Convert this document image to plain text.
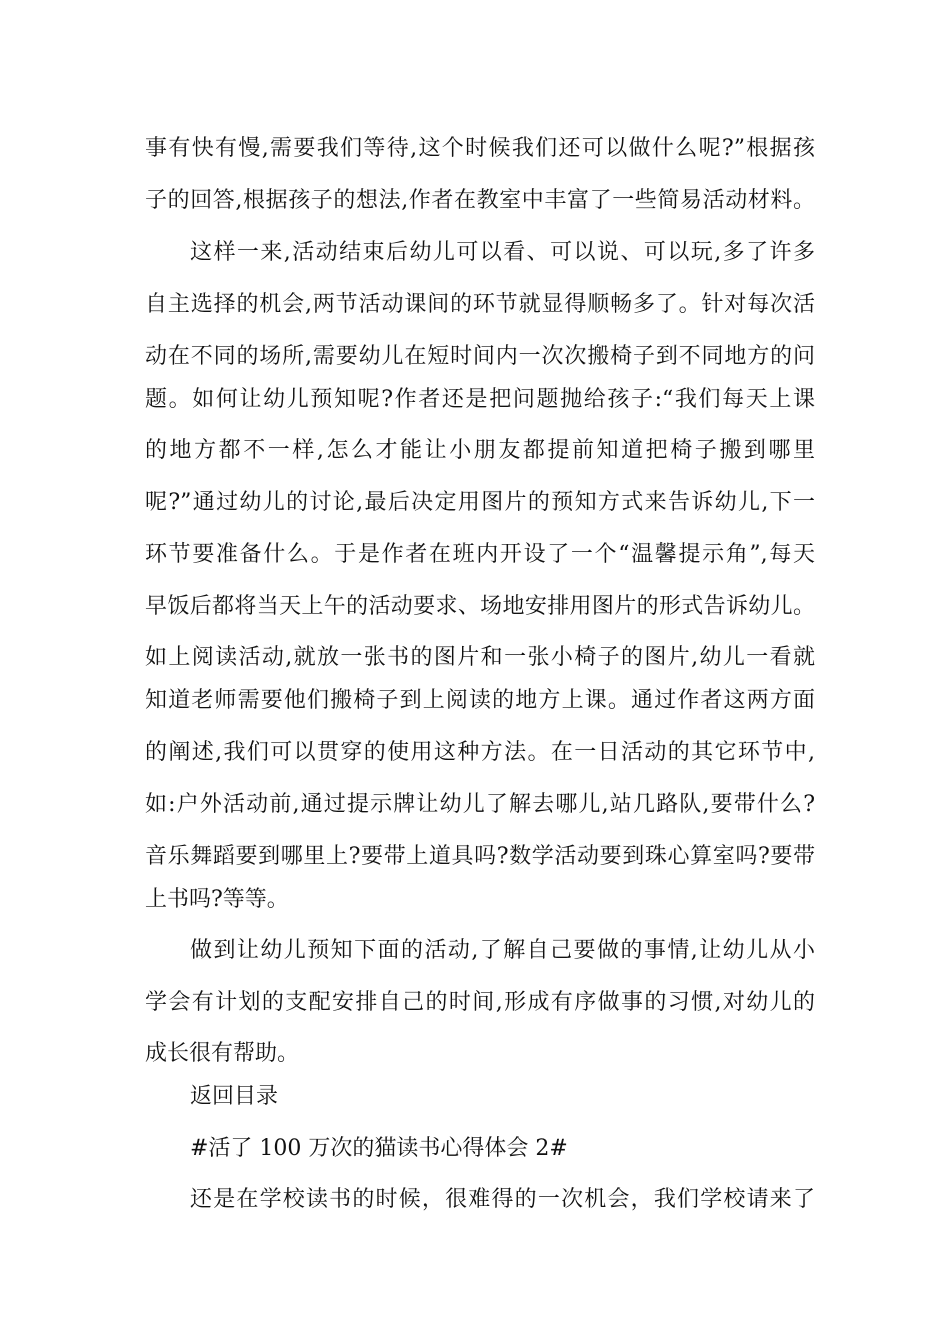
事有快有慢,需要我们等待,这个时候我们还可以做什么呢?”根据孩
子的回答,根据孩子的想法,作者在教室中丰富了一些简易活动材料。
这样一来,活动结束后幼儿可以看、可以说、可以玩,多了许多
自主选择的机会,两节活动课间的环节就显得顺畅多了。针对每次活
动在不同的场所,需要幼儿在短时间内一次次搬椅子到不同地方的问
题。如何让幼儿预知呢?作者还是把问题抛给孩子:“我们每天上课
的地方都不一样,怎么才能让小朋友都提前知道把椅子搬到哪里
呢?”通过幼儿的讨论,最后决定用图片的预知方式来告诉幼儿,下一
环节要准备什么。于是作者在班内开设了一个“温馨提示角”,每天
早饭后都将当天上午的活动要求、场地安排用图片的形式告诉幼儿。
如上阅读活动,就放一张书的图片和一张小椅子的图片,幼儿一看就
知道老师需要他们搬椅子到上阅读的地方上课。通过作者这两方面
的阐述,我们可以贯穿的使用这种方法。在一日活动的其它环节中,
如:户外活动前,通过提示牌让幼儿了解去哪儿,站几路队,要带什么?
音乐舞蹈要到哪里上?要带上道具吗?数学活动要到珠心算室吗?要带
上书吗?等等。
做到让幼儿预知下面的活动,了解自己要做的事情,让幼儿从小
学会有计划的支配安排自己的时间,形成有序做事的习惯,对幼儿的
成长很有帮助。
返回目录
#活了 100 万次的猫读书心得体会 2#
还是在学校读书的时候，很难得的一次机会，我们学校请来了
